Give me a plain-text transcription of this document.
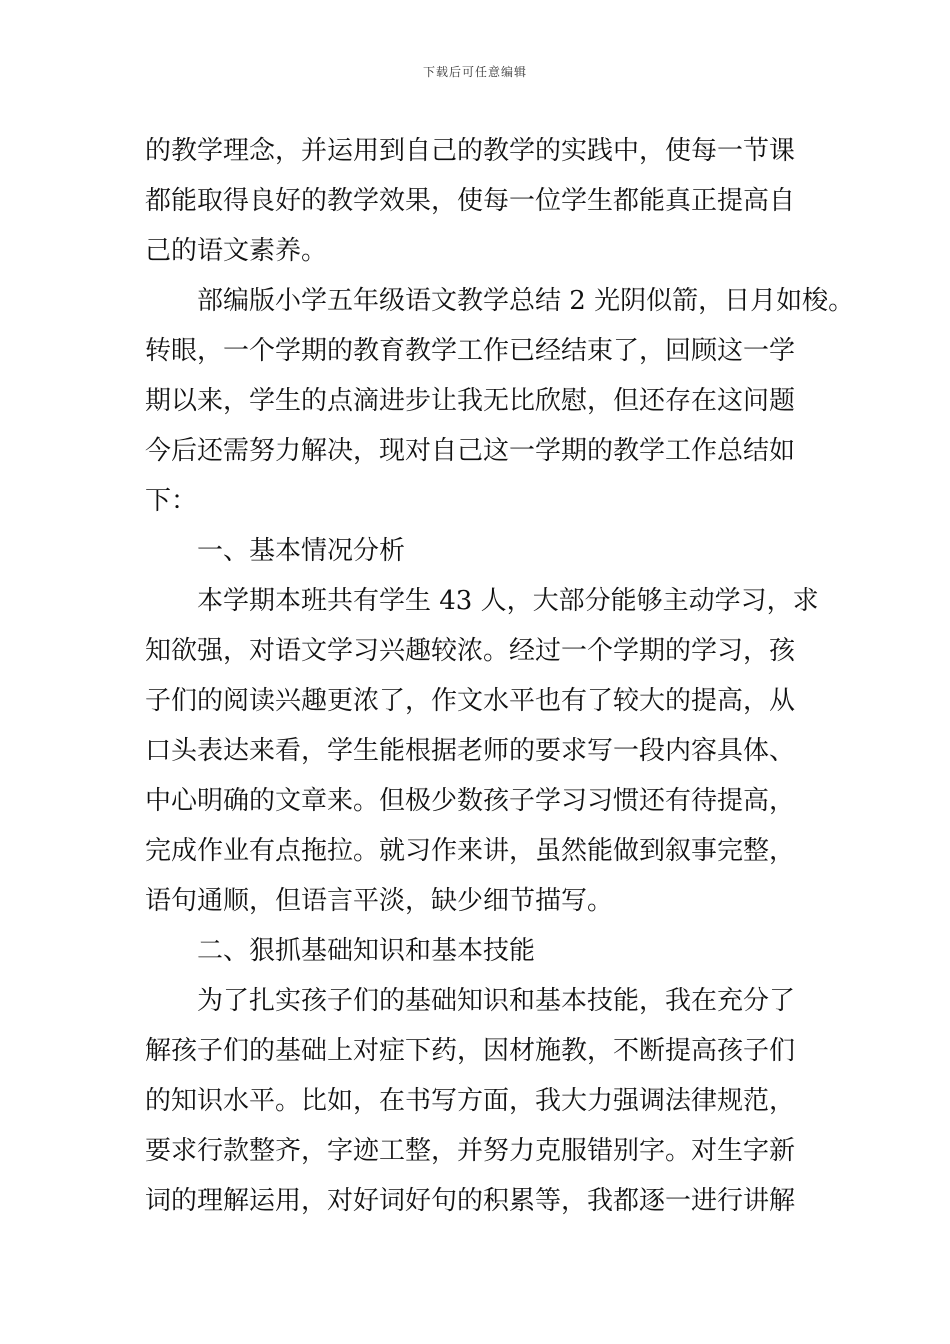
下载后可任意编辑
的教学理念，并运用到自己的教学的实践中，使每一节课
都能取得良好的教学效果，使每一位学生都能真正提高自
己的语文素养。
部编版小学五年级语文教学总结 2 光阴似箭，日月如梭。
转眼，一个学期的教育教学工作已经结束了，回顾这一学
期以来，学生的点滴进步让我无比欣慰，但还存在这问题
今后还需努力解决，现对自己这一学期的教学工作总结如
下：
一、基本情况分析
本学期本班共有学生 43 人，大部分能够主动学习，求
知欲强，对语文学习兴趣较浓。经过一个学期的学习，孩
子们的阅读兴趣更浓了，作文水平也有了较大的提高，从
口头表达来看，学生能根据老师的要求写一段内容具体、
中心明确的文章来。但极少数孩子学习习惯还有待提高，
完成作业有点拖拉。就习作来讲，虽然能做到叙事完整，
语句通顺，但语言平淡，缺少细节描写。
二、狠抓基础知识和基本技能
为了扎实孩子们的基础知识和基本技能，我在充分了
解孩子们的基础上对症下药，因材施教，不断提高孩子们
的知识水平。比如，在书写方面，我大力强调法律规范，
要求行款整齐，字迹工整，并努力克服错别字。对生字新
词的理解运用，对好词好句的积累等，我都逐一进行讲解
